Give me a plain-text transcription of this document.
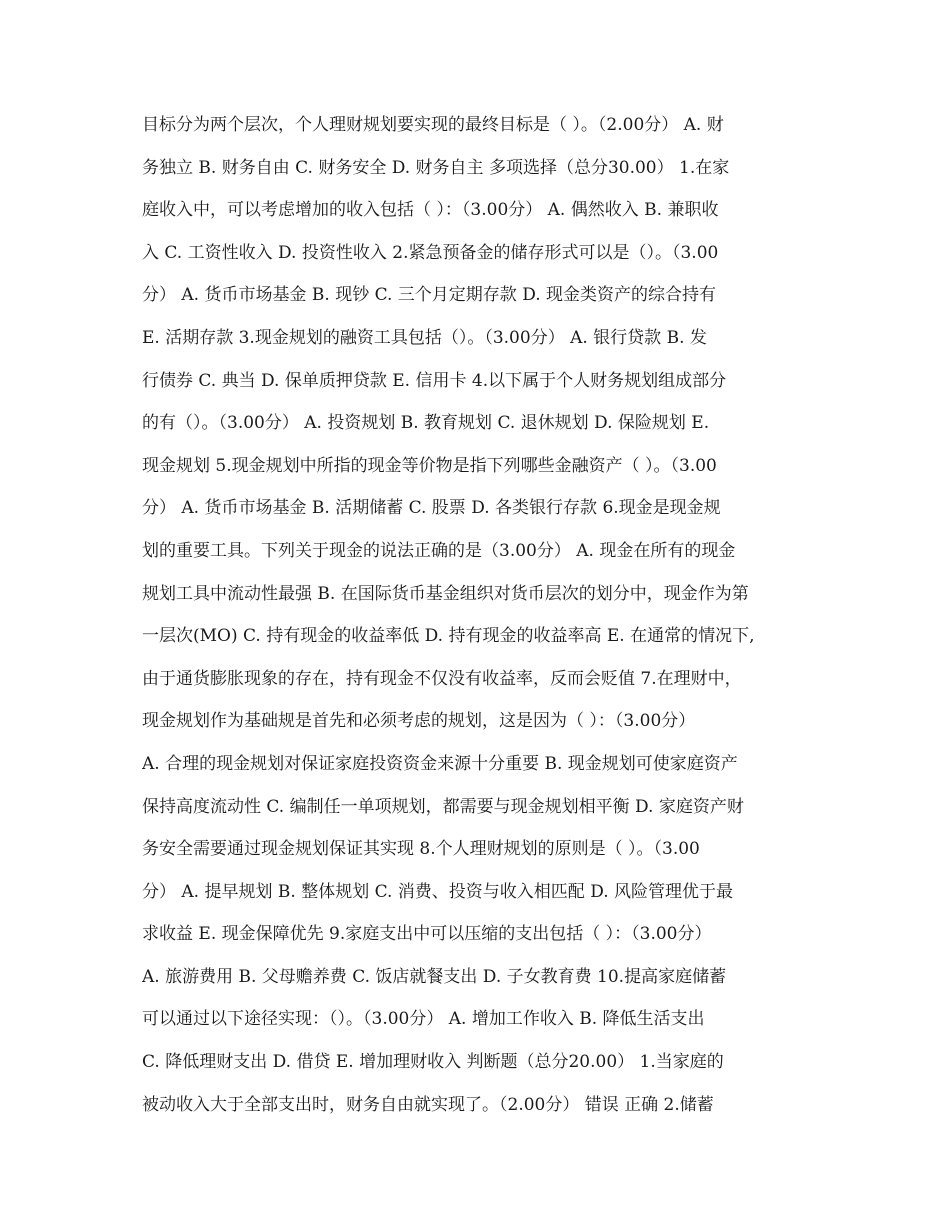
目标分为两个层次，个人理财规划要实现的最终目标是（ ）。（2.00分） A. 财
务独立 B. 财务自由 C. 财务安全 D. 财务自主 多项选择（总分30.00） 1.在家
庭收入中，可以考虑增加的收入包括（ ）：（3.00分） A. 偶然收入 B. 兼职收
入 C. 工资性收入 D. 投资性收入 2.紧急预备金的储存形式可以是（）。（3.00
分） A. 货币市场基金 B. 现钞 C. 三个月定期存款 D. 现金类资产的综合持有
E. 活期存款 3.现金规划的融资工具包括（）。（3.00分） A. 银行贷款 B. 发
行债券 C. 典当 D. 保单质押贷款 E. 信用卡 4.以下属于个人财务规划组成部分
的有（）。（3.00分） A. 投资规划 B. 教育规划 C. 退休规划 D. 保险规划 E.
现金规划 5.现金规划中所指的现金等价物是指下列哪些金融资产（ ）。（3.00
分） A. 货币市场基金 B. 活期储蓄 C. 股票 D. 各类银行存款 6.现金是现金规
划的重要工具。下列关于现金的说法正确的是（3.00分） A. 现金在所有的现金
规划工具中流动性最强 B. 在国际货币基金组织对货币层次的划分中，现金作为第
一层次(MO) C. 持有现金的收益率低 D. 持有现金的收益率高 E. 在通常的情况下,
由于通货膨胀现象的存在，持有现金不仅没有收益率，反而会贬值 7.在理财中，
现金规划作为基础规是首先和必须考虑的规划，这是因为（ ）：（3.00分）
A. 合理的现金规划对保证家庭投资资金来源十分重要 B. 现金规划可使家庭资产
保持高度流动性 C. 编制任一单项规划，都需要与现金规划相平衡 D. 家庭资产财
务安全需要通过现金规划保证其实现 8.个人理财规划的原则是（ ）。（3.00
分） A. 提早规划 B. 整体规划 C. 消费、投资与收入相匹配 D. 风险管理优于最
求收益 E. 现金保障优先 9.家庭支出中可以压缩的支出包括（ ）：（3.00分）
A. 旅游费用 B. 父母赡养费 C. 饭店就餐支出 D. 子女教育费 10.提高家庭储蓄
可以通过以下途径实现：（）。（3.00分） A. 增加工作收入 B. 降低生活支出
C. 降低理财支出 D. 借贷 E. 增加理财收入 判断题（总分20.00） 1.当家庭的
被动收入大于全部支出时，财务自由就实现了。（2.00分） 错误 正确 2.储蓄
